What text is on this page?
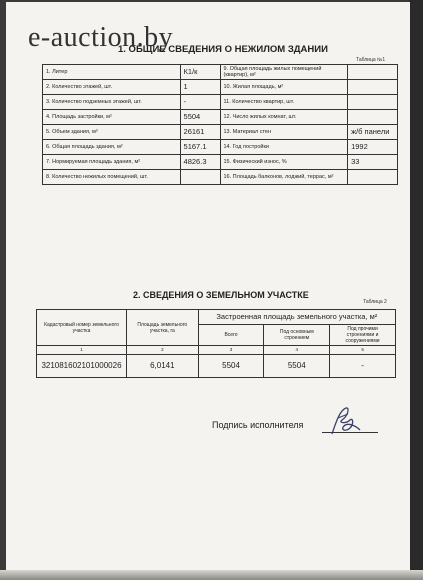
e-auction.by
1. ОБЩИЕ СВЕДЕНИЯ О НЕЖИЛОМ ЗДАНИИ
Таблица №1
1. Литер	К1/к	9. Общая площадь жилых помещений (квартир), м²	
2. Количество этажей, шт.	1	10. Жилая площадь, м²	
3. Количество подземных этажей, шт.	-	11. Количество квартир, шт.	
4. Площадь застройки, м²	5504	12. Число жилых комнат, шт.	
5. Объем здания, м³	26161	13. Материал стен	ж/б панели
6. Общая площадь здания, м²	5167.1	14. Год постройки	1992
7. Нормируемая площадь здания, м²	4826.3	15. Физический износ, %	33
8. Количество нежилых помещений, шт.		16. Площадь балконов, лоджий, террас, м²	
2. СВЕДЕНИЯ О ЗЕМЕЛЬНОМ УЧАСТКЕ
Таблица 2
Кадастровый номер земельного участка	Площадь земельного участка, га	Застроенная площадь земельного участка, м²		
		Всего	Под основным строением	Под прочими строениями и сооружениями
1	2	3	4	5
321081602101000026	6,0141	5504	5504	-
Подпись исполнителя
